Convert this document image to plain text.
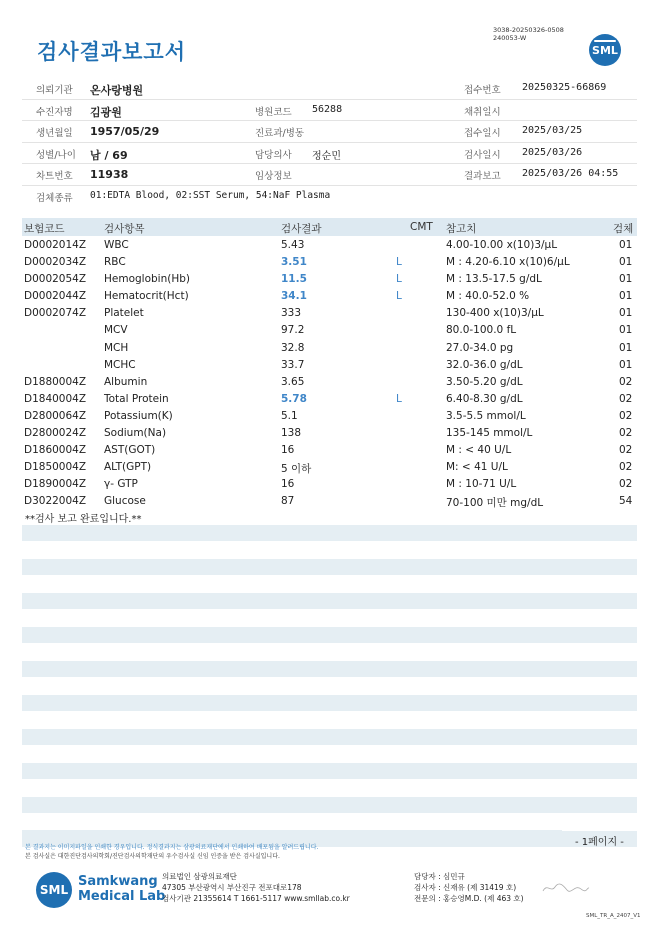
검사결과보고서
3038-20250326-0508
240053-W
SML
의뢰기관 온사랑병원	접수번호 20250325-66869
수진자명 김광원	병원코드 56288	채취일시
생년월일 1957/05/29	진료과/병동	접수일시 2025/03/25
성별/나이 남 / 69	담당의사 정순민	검사일시 2025/03/26
차트번호 11938	임상정보	결과보고 2025/03/26 04:55
검체종류 01:EDTA Blood, 02:SST Serum, 54:NaF Plasma
보험코드	검사항목	검사결과	CMT 참고치	검체
D0002014Z WBC	5.43	4.00-10.00 x(10)3/μL	01
D0002034Z RBC	3.51	L	M : 4.20-6.10 x(10)6/μL	01
D0002054Z Hemoglobin(Hb)	11.5	L	M : 13.5-17.5 g/dL	01
D0002044Z Hematocrit(Hct)	34.1	L	M : 40.0-52.0 %	01
D0002074Z Platelet	333	130-400 x(10)3/μL	01
MCV	97.2	80.0-100.0 fL	01
MCH	32.8	27.0-34.0 pg	01
MCHC	33.7	32.0-36.0 g/dL	01
D1880004Z Albumin	3.65	3.50-5.20 g/dL	02
D1840004Z Total Protein	5.78	L	6.40-8.30 g/dL	02
D2800064Z Potassium(K)	5.1	3.5-5.5 mmol/L	02
D2800024Z Sodium(Na)	138	135-145 mmol/L	02
D1860004Z AST(GOT)	16	M : < 40 U/L	02
D1850004Z ALT(GPT)	5 이하	M: < 41 U/L	02
D1890004Z γ- GTP	16	M : 10-71 U/L	02
D3022004Z Glucose	87	70-100 미만 mg/dL	54
**검사 보고 완료입니다.**
- 1페이지 -
본 결과지는 이미지파일을 인쇄한 경우입니다. 정식결과지는 삼광의료재단에서 인쇄하여 배포됨을 알려드립니다.
본 검사실은 대한진단검사의학회/진단검사의학재단의 우수검사실 신임 인증을 받은 검사실입니다.
SML
Samkwang
Medical Lab
의료법인 삼광의료재단
47305 부산광역시 부산진구 전포대로178
검사기관 21355614 T 1661-5117 www.smllab.co.kr
담당자 : 심민규
검사자 : 신재유 (제 31419 호)
전문의 : 홍승영M.D. (제 463 호)
SML_TR_A_2407_V1
